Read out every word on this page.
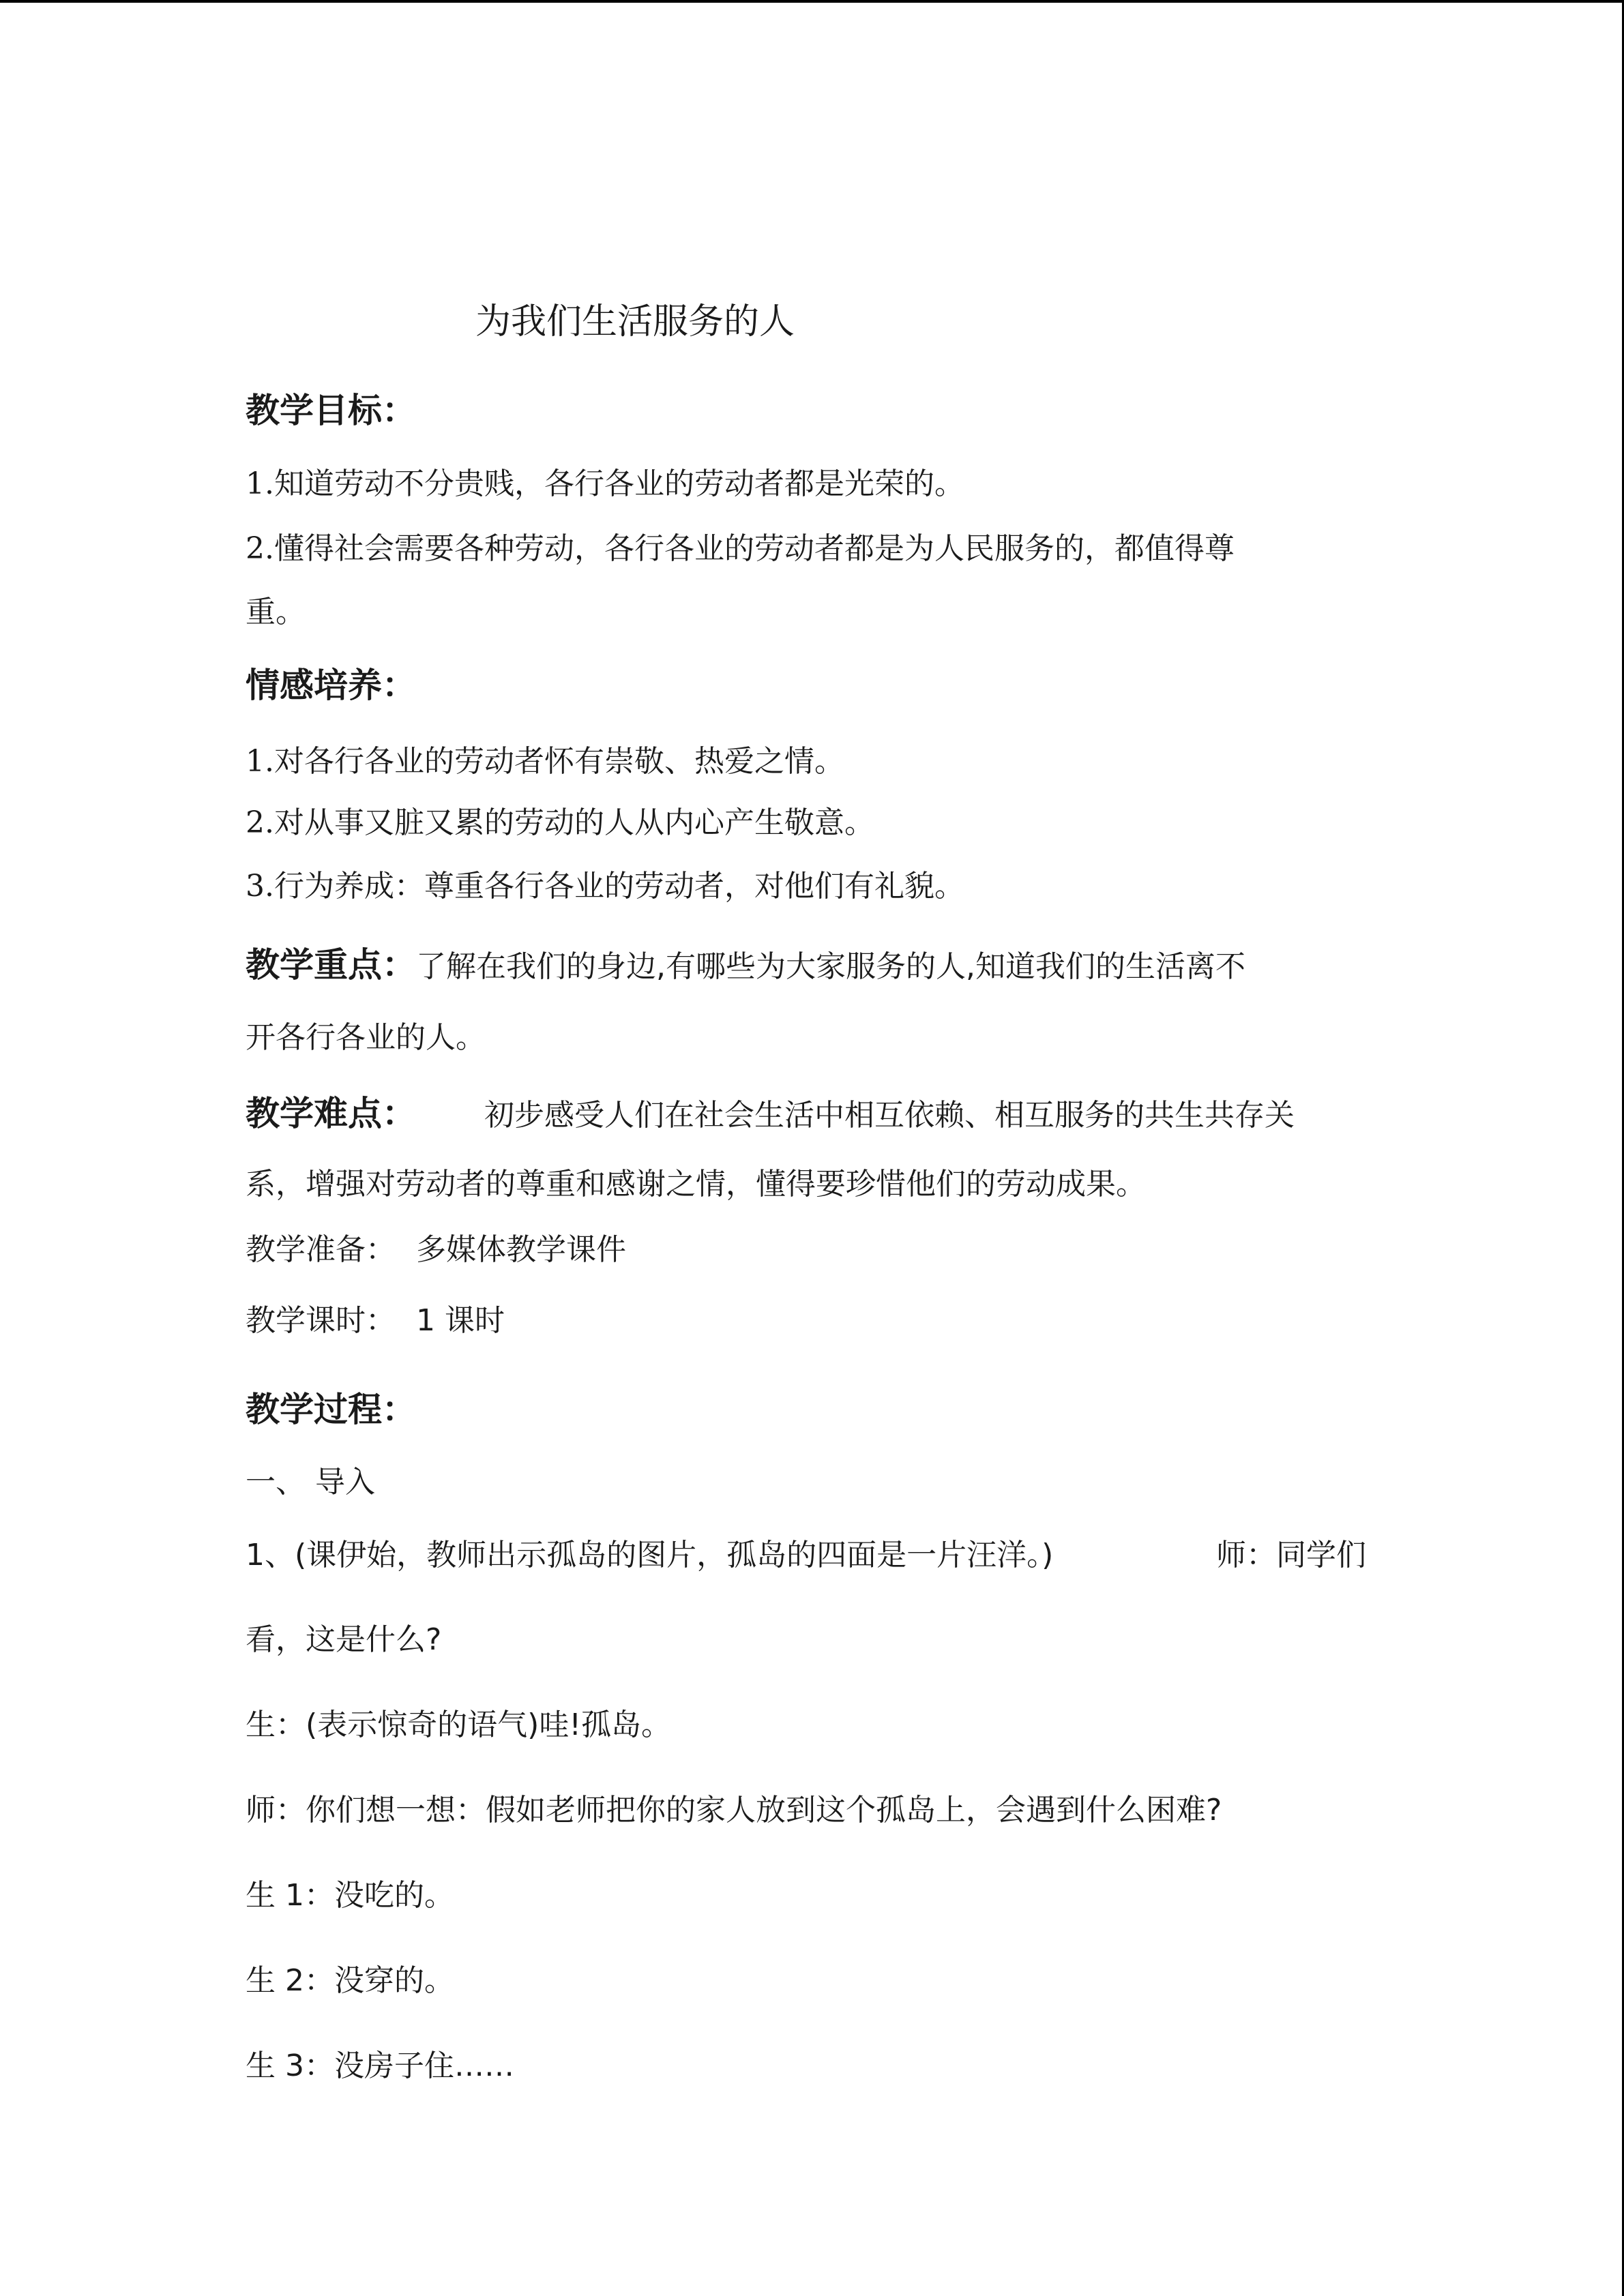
为我们生活服务的人
教学目标：
1.知道劳动不分贵贱，各行各业的劳动者都是光荣的。
2.懂得社会需要各种劳动，各行各业的劳动者都是为人民服务的，都值得尊
重。
情感培养：
1.对各行各业的劳动者怀有崇敬、热爱之情。
2.对从事又脏又累的劳动的人从内心产生敬意。
3.行为养成：尊重各行各业的劳动者，对他们有礼貌。
教学重点：了解在我们的身边,有哪些为大家服务的人,知道我们的生活离不
开各行各业的人。
教学难点： 初步感受人们在社会生活中相互依赖、相互服务的共生共存关
系，增强对劳动者的尊重和感谢之情，懂得要珍惜他们的劳动成果。
教学准备： 多媒体教学课件
教学课时： 1 课时
教学过程：
一、 导入
1、(课伊始，教师出示孤岛的图片，孤岛的四面是一片汪洋。)	师：同学们
看，这是什么?
生：(表示惊奇的语气)哇!孤岛。
师：你们想一想：假如老师把你的家人放到这个孤岛上，会遇到什么困难?
生 1：没吃的。
生 2：没穿的。
生 3：没房子住……
